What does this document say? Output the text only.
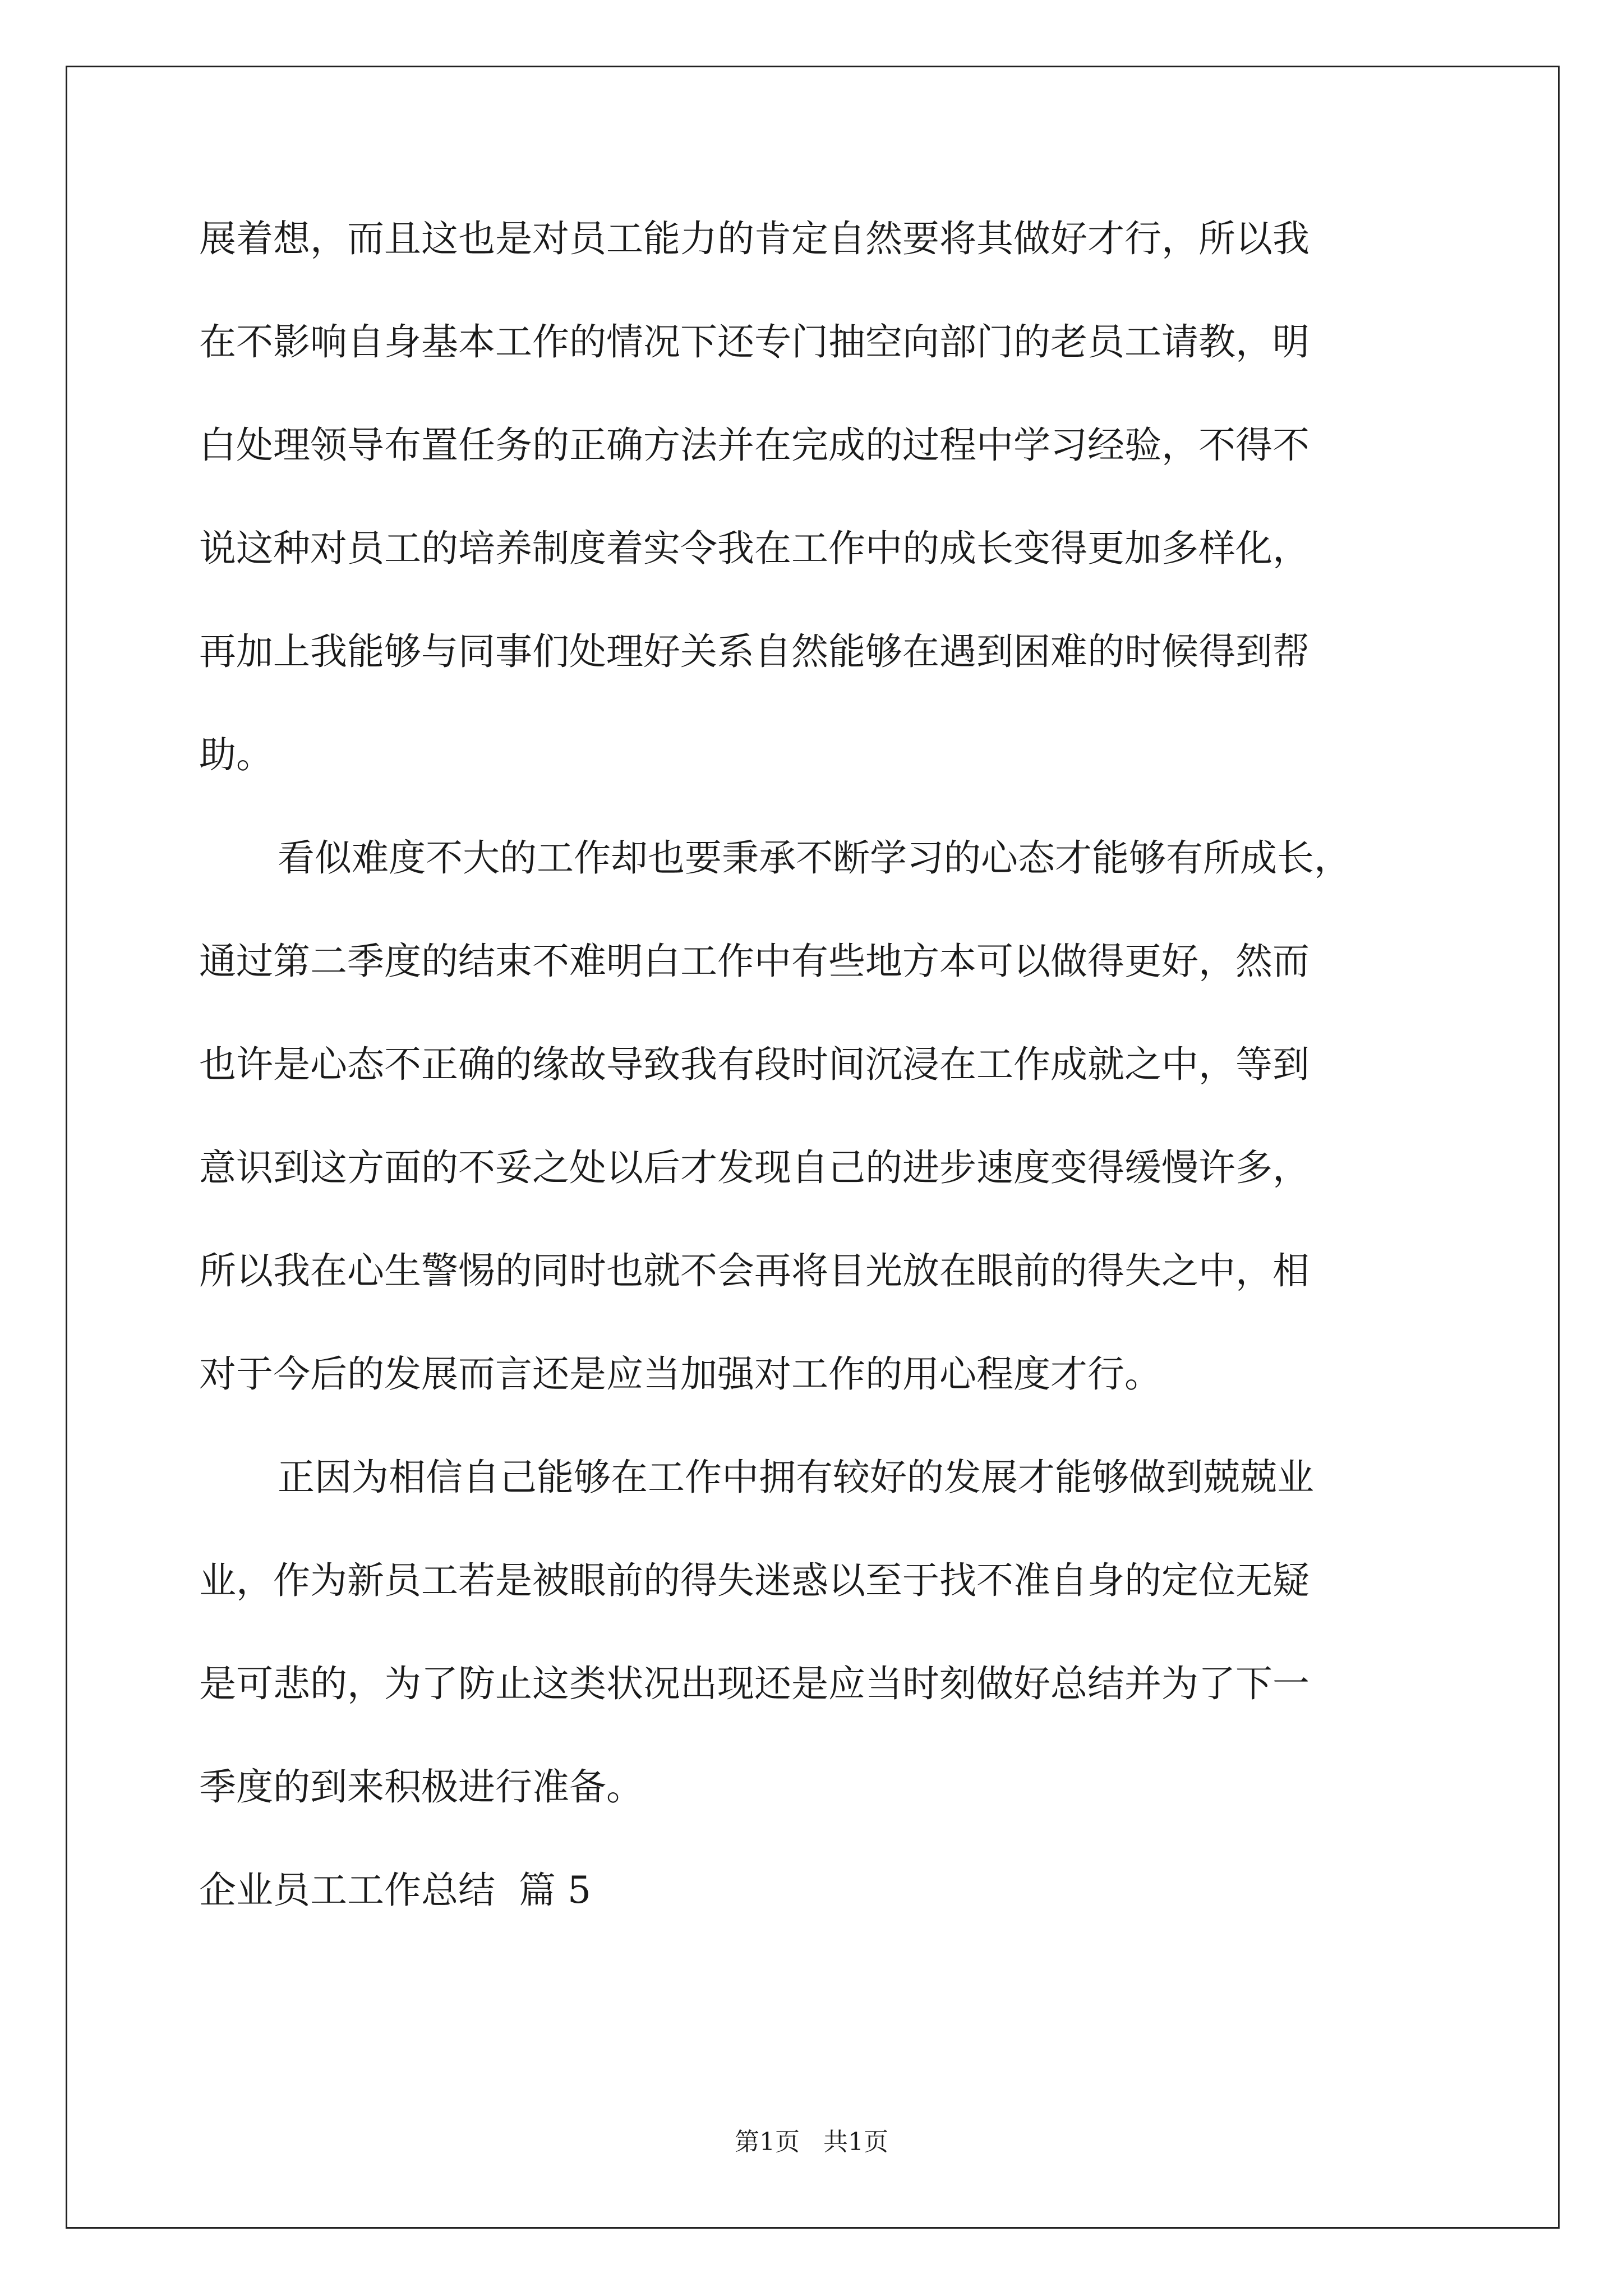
展着想，而且这也是对员工能力的肯定自然要将其做好才行，所以我
在不影响自身基本工作的情况下还专门抽空向部门的老员工请教，明
白处理领导布置任务的正确方法并在完成的过程中学习经验，不得不
说这种对员工的培养制度着实令我在工作中的成长变得更加多样化，
再加上我能够与同事们处理好关系自然能够在遇到困难的时候得到帮
助。
看似难度不大的工作却也要秉承不断学习的心态才能够有所成长，
通过第二季度的结束不难明白工作中有些地方本可以做得更好，然而
也许是心态不正确的缘故导致我有段时间沉浸在工作成就之中，等到
意识到这方面的不妥之处以后才发现自己的进步速度变得缓慢许多，
所以我在心生警惕的同时也就不会再将目光放在眼前的得失之中，相
对于今后的发展而言还是应当加强对工作的用心程度才行。
正因为相信自己能够在工作中拥有较好的发展才能够做到兢兢业
业，作为新员工若是被眼前的得失迷惑以至于找不准自身的定位无疑
是可悲的，为了防止这类状况出现还是应当时刻做好总结并为了下一
季度的到来积极进行准备。
企业员工工作总结  篇 5
第1页   共1页
